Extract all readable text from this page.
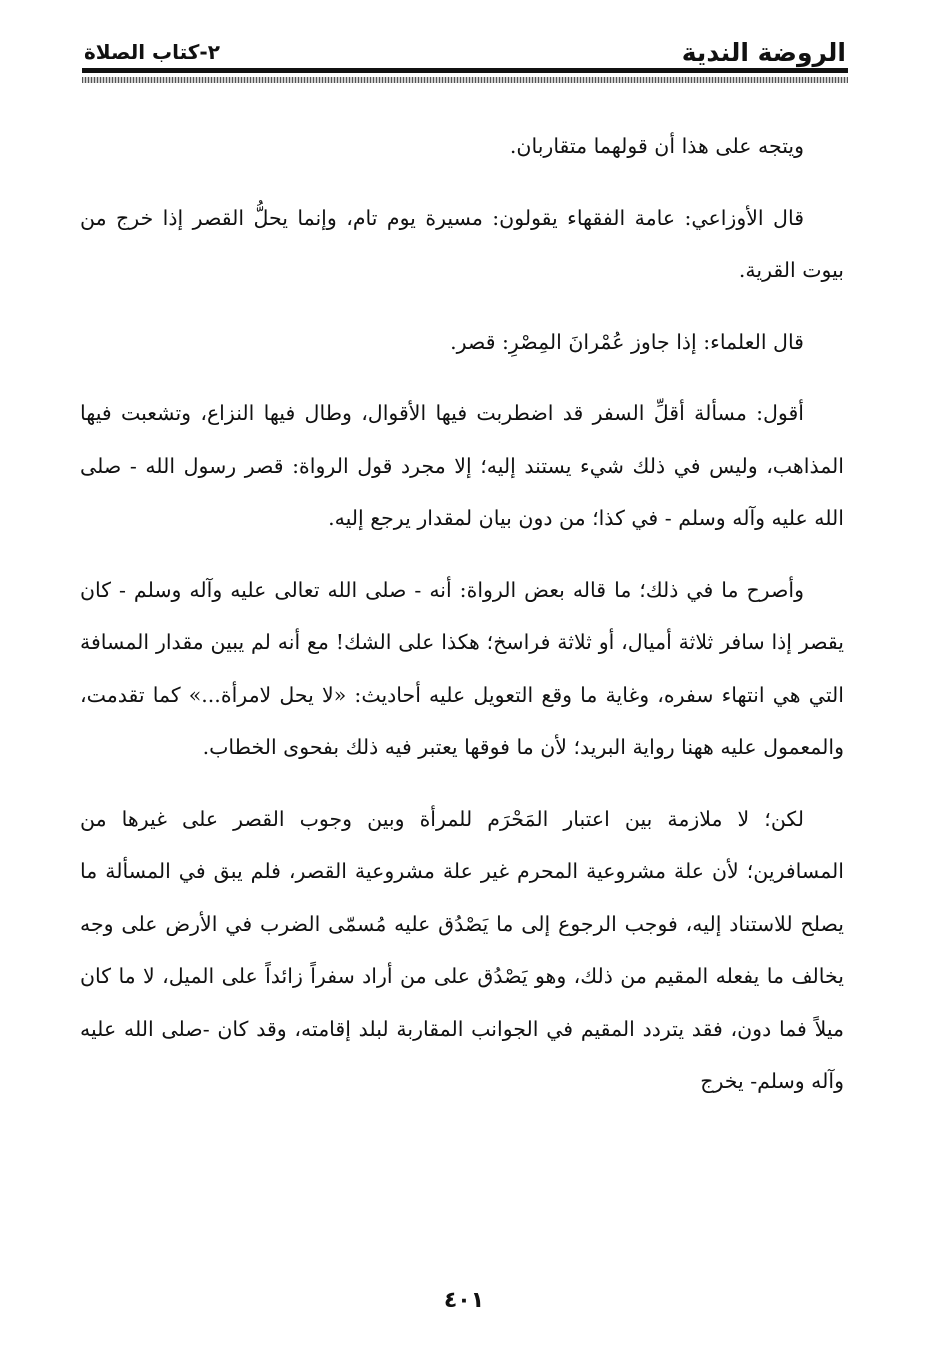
الروضة الندية
٢-كتاب الصلاة

ويتجه على هذا أن قولهما متقاربان.

قال الأوزاعي: عامة الفقهاء يقولون: مسيرة يوم تام، وإنما يحلُّ القصر إذا خرج من بيوت القرية.

قال العلماء: إذا جاوز عُمْرانَ المِصْرِ: قصر.

أقول: مسألة أقلِّ السفر قد اضطربت فيها الأقوال، وطال فيها النزاع، وتشعبت فيها المذاهب، وليس في ذلك شيء يستند إليه؛ إلا مجرد قول الرواة: قصر رسول الله - صلى الله عليه وآله وسلم - في كذا؛ من دون بيان لمقدار يرجع إليه.

وأصرح ما في ذلك؛ ما قاله بعض الرواة: أنه - صلى الله تعالى عليه وآله وسلم - كان يقصر إذا سافر ثلاثة أميال، أو ثلاثة فراسخ؛ هكذا على الشك! مع أنه لم يبين مقدار المسافة التي هي انتهاء سفره، وغاية ما وقع التعويل عليه أحاديث: «لا يحل لامرأة...» كما تقدمت، والمعمول عليه ههنا رواية البريد؛ لأن ما فوقها يعتبر فيه ذلك بفحوى الخطاب.

لكن؛ لا ملازمة بين اعتبار المَحْرَم للمرأة وبين وجوب القصر على غيرها من المسافرين؛ لأن علة مشروعية المحرم غير علة مشروعية القصر، فلم يبق في المسألة ما يصلح للاستناد إليه، فوجب الرجوع إلى ما يَصْدُق عليه مُسمّى الضرب في الأرض على وجه يخالف ما يفعله المقيم من ذلك، وهو يَصْدُق على من أراد سفراً زائداً على الميل، لا ما كان ميلاً فما دون، فقد يتردد المقيم في الجوانب المقاربة لبلد إقامته، وقد كان -صلى الله عليه وآله وسلم- يخرج

٤٠١
